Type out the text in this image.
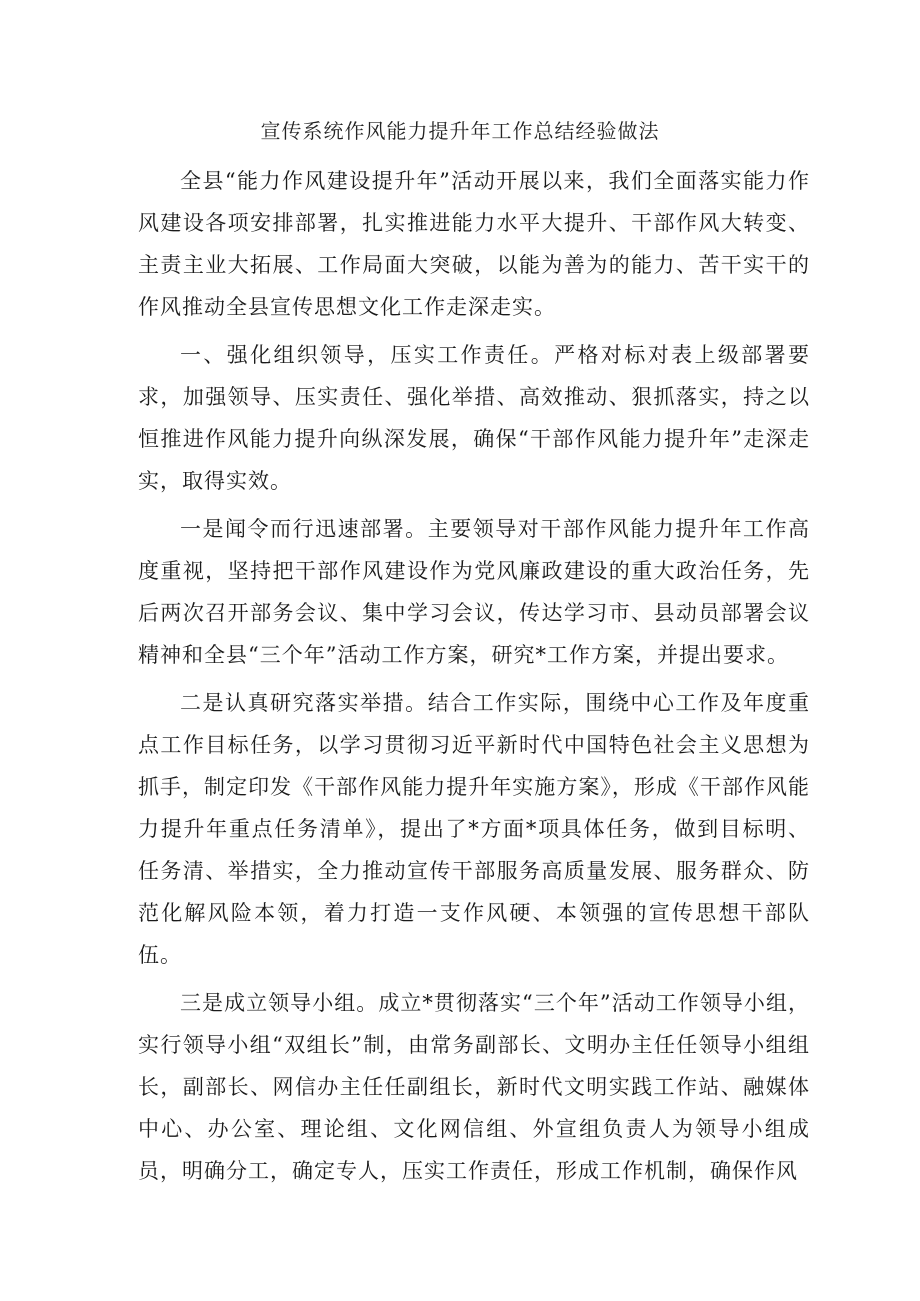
宣传系统作风能力提升年工作总结经验做法

全县“能力作风建设提升年”活动开展以来，我们全面落实能力作风建设各项安排部署，扎实推进能力水平大提升、干部作风大转变、主责主业大拓展、工作局面大突破，以能为善为的能力、苦干实干的作风推动全县宣传思想文化工作走深走实。

一、强化组织领导，压实工作责任。严格对标对表上级部署要求，加强领导、压实责任、强化举措、高效推动、狠抓落实，持之以恒推进作风能力提升向纵深发展，确保“干部作风能力提升年”走深走实，取得实效。

一是闻令而行迅速部署。主要领导对干部作风能力提升年工作高度重视，坚持把干部作风建设作为党风廉政建设的重大政治任务，先后两次召开部务会议、集中学习会议，传达学习市、县动员部署会议精神和全县“三个年”活动工作方案，研究*工作方案，并提出要求。

二是认真研究落实举措。结合工作实际，围绕中心工作及年度重点工作目标任务，以学习贯彻习近平新时代中国特色社会主义思想为抓手，制定印发《干部作风能力提升年实施方案》，形成《干部作风能力提升年重点任务清单》，提出了*方面*项具体任务，做到目标明、任务清、举措实，全力推动宣传干部服务高质量发展、服务群众、防范化解风险本领，着力打造一支作风硬、本领强的宣传思想干部队伍。

三是成立领导小组。成立*贯彻落实“三个年”活动工作领导小组，实行领导小组“双组长”制，由常务副部长、文明办主任任领导小组组长，副部长、网信办主任任副组长，新时代文明实践工作站、融媒体中心、办公室、理论组、文化网信组、外宣组负责人为领导小组成员，明确分工，确定专人，压实工作责任，形成工作机制，确保作风
